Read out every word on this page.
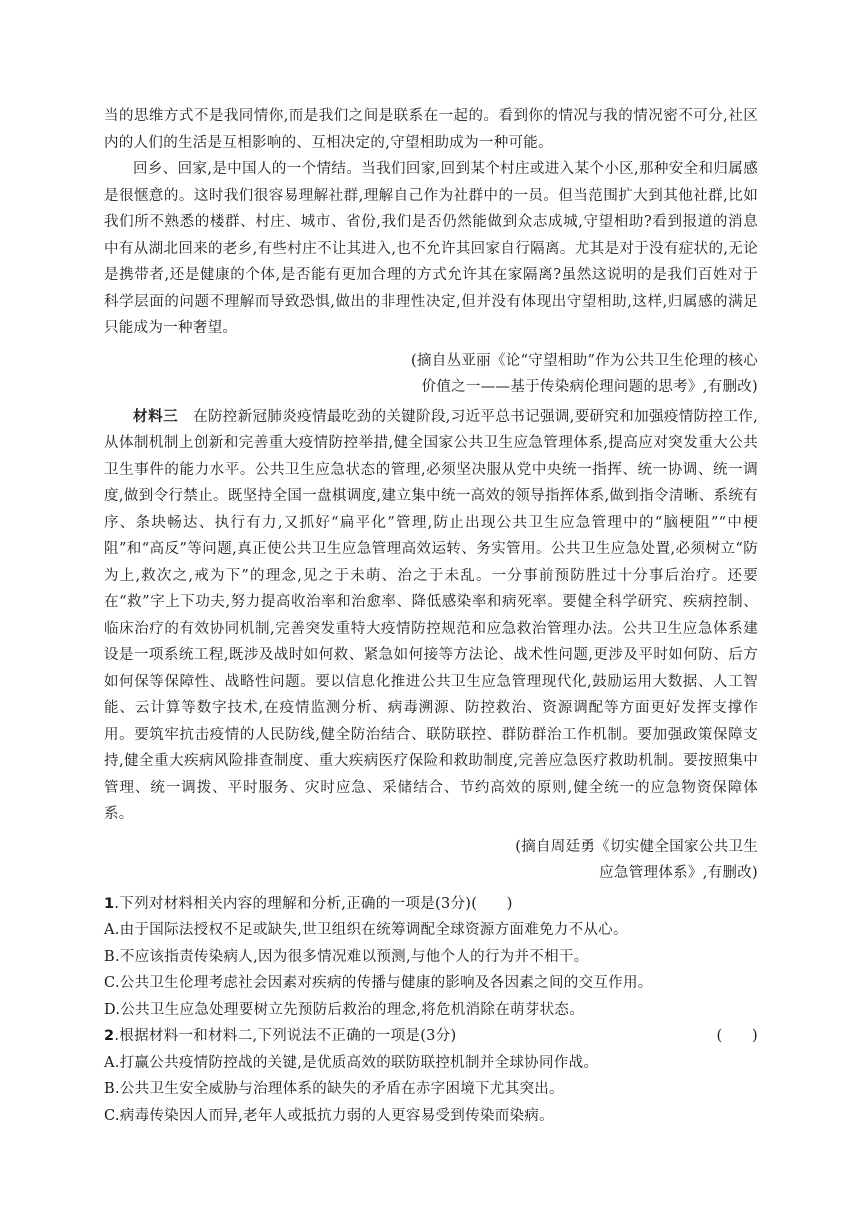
当的思维方式不是我同情你,而是我们之间是联系在一起的。看到你的情况与我的情况密不可分,社区内的人们的生活是互相影响的、互相决定的,守望相助成为一种可能。

回乡、回家,是中国人的一个情结。当我们回家,回到某个村庄或进入某个小区,那种安全和归属感是很惬意的。这时我们很容易理解社群,理解自己作为社群中的一员。但当范围扩大到其他社群,比如我们所不熟悉的楼群、村庄、城市、省份,我们是否仍然能做到众志成城,守望相助?看到报道的消息中有从湖北回来的老乡,有些村庄不让其进入,也不允许其回家自行隔离。尤其是对于没有症状的,无论是携带者,还是健康的个体,是否能有更加合理的方式允许其在家隔离?虽然这说明的是我们百姓对于科学层面的问题不理解而导致恐惧,做出的非理性决定,但并没有体现出守望相助,这样,归属感的满足只能成为一种奢望。

(摘自丛亚丽《论“守望相助”作为公共卫生伦理的核心
价值之一——基于传染病伦理问题的思考》,有删改)

材料三　 在防控新冠肺炎疫情最吃劲的关键阶段,习近平总书记强调,要研究和加强疫情防控工作,从体制机制上创新和完善重大疫情防控举措,健全国家公共卫生应急管理体系,提高应对突发重大公共卫生事件的能力水平。公共卫生应急状态的管理,必须坚决服从党中央统一指挥、统一协调、统一调度,做到令行禁止。既坚持全国一盘棋调度,建立集中统一高效的领导指挥体系,做到指令清晰、系统有序、条块畅达、执行有力,又抓好“扁平化”管理,防止出现公共卫生应急管理中的“脑梗阻”“中梗阻”和“高反”等问题,真正使公共卫生应急管理高效运转、务实管用。公共卫生应急处置,必须树立“防为上,救次之,戒为下”的理念,见之于未萌、治之于未乱。一分事前预防胜过十分事后治疗。还要在“救”字上下功夫,努力提高收治率和治愈率、降低感染率和病死率。要健全科学研究、疾病控制、临床治疗的有效协同机制,完善突发重特大疫情防控规范和应急救治管理办法。公共卫生应急体系建设是一项系统工程,既涉及战时如何救、紧急如何接等方法论、战术性问题,更涉及平时如何防、后方如何保等保障性、战略性问题。要以信息化推进公共卫生应急管理现代化,鼓励运用大数据、人工智能、云计算等数字技术,在疫情监测分析、病毒溯源、防控救治、资源调配等方面更好发挥支撑作用。要筑牢抗击疫情的人民防线,健全防治结合、联防联控、群防群治工作机制。要加强政策保障支持,健全重大疾病风险排查制度、重大疾病医疗保险和救助制度,完善应急医疗救助机制。要按照集中管理、统一调拨、平时服务、灾时应急、采储结合、节约高效的原则,健全统一的应急物资保障体系。

(摘自周廷勇《切实健全国家公共卫生
应急管理体系》,有删改)

1.下列对材料相关内容的理解和分析,正确的一项是(3分)(　　)

A.由于国际法授权不足或缺失,世卫组织在统筹调配全球资源方面难免力不从心。

B.不应该指责传染病人,因为很多情况难以预测,与他个人的行为并不相干。

C.公共卫生伦理考虑社会因素对疾病的传播与健康的影响及各因素之间的交互作用。

D.公共卫生应急处理要树立先预防后救治的理念,将危机消除在萌芽状态。

2.根据材料一和材料二,下列说法不正确的一项是(3分)	(　　)

A.打赢公共疫情防控战的关键,是优质高效的联防联控机制并全球协同作战。

B.公共卫生安全威胁与治理体系的缺失的矛盾在赤字困境下尤其突出。

C.病毒传染因人而异,老年人或抵抗力弱的人更容易受到传染而染病。
